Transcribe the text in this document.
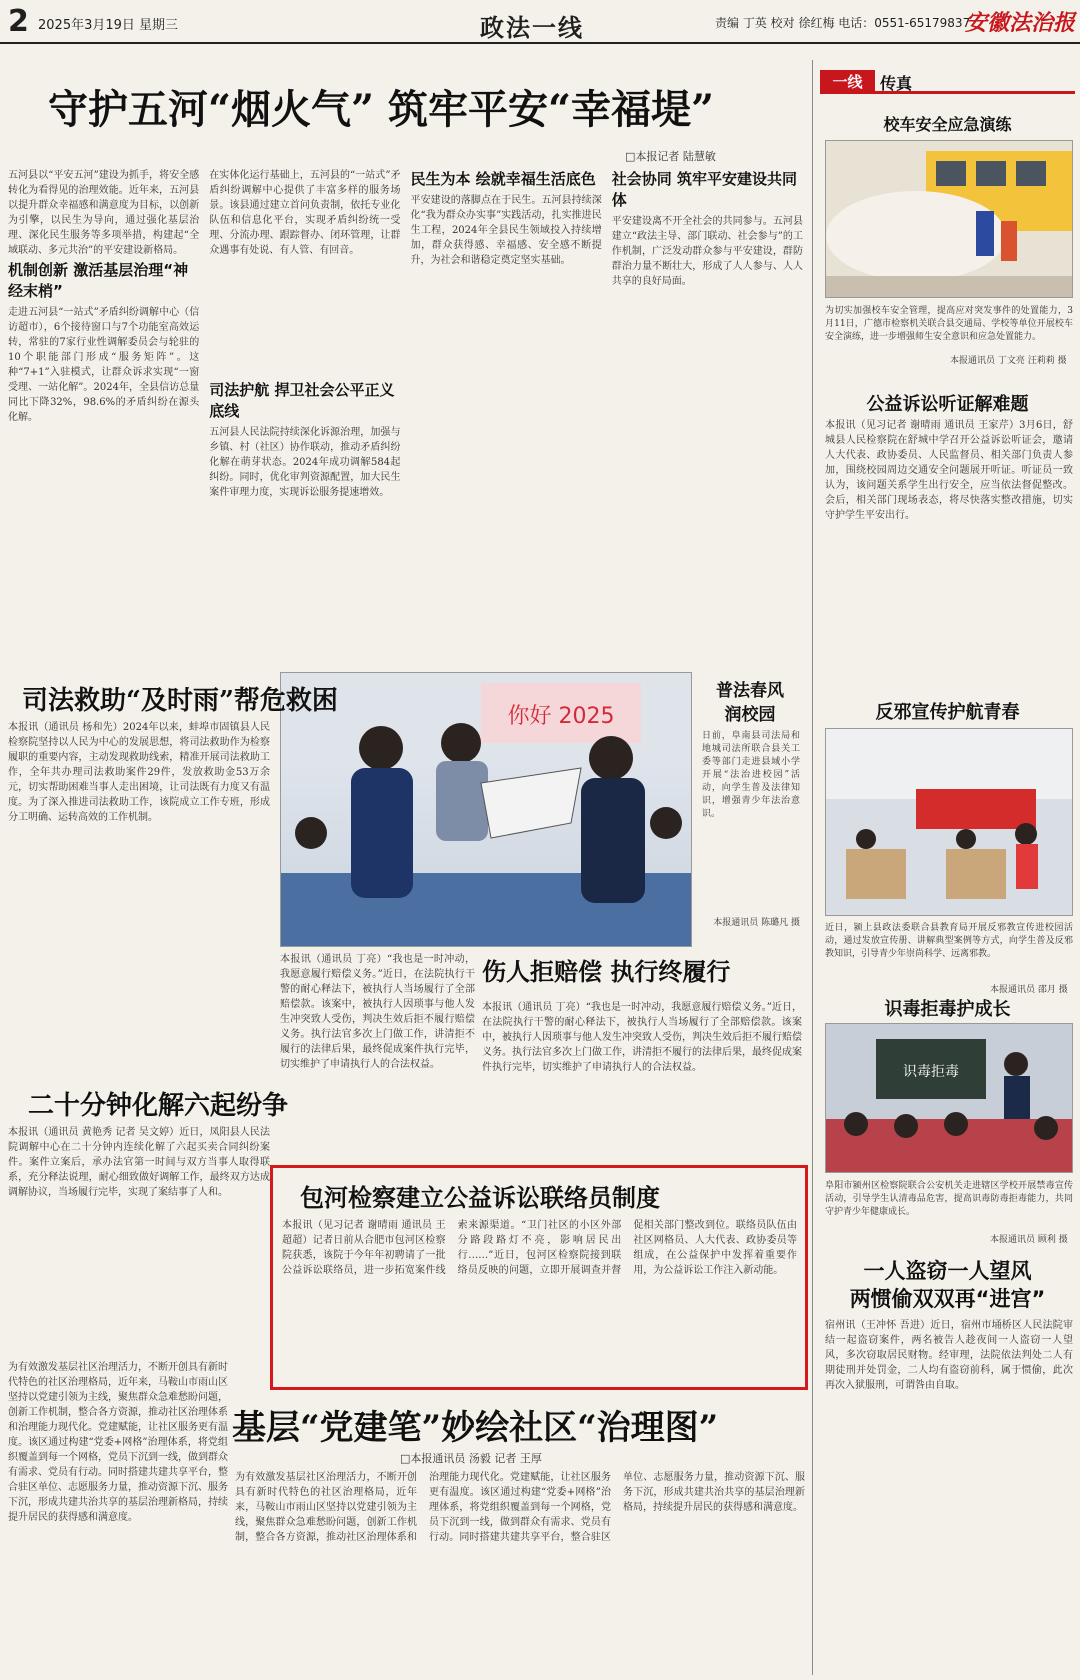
2 2025年3月19日 星期三	政法一线	责编 丁英 校对 徐红梅 电话：0551-65179837
安徽法治报
守护五河“烟火气” 筑牢平安“幸福堤”
□本报记者 陆慧敏
五河县以“平安五河”建设为抓手，将安全感转化为看得见的治理效能。近年来，五河县以提升群众幸福感和满意度为目标，以创新为引擎，以民生为导向，通过强化基层治理、深化民生服务等多项举措，构建起“全域联动、多元共治”的平安建设新格局。
机制创新 激活基层治理“神经末梢”
走进五河县“一站式”矛盾纠纷调解中心（信访超市），6个接待窗口与7个功能室高效运转，常驻的7家行业性调解委员会与轮驻的10个职能部门形成“服务矩阵”。这种“7+1”入驻模式，让群众诉求实现“一窗受理、一站化解”。2024年，全县信访总量同比下降32%，98.6%的矛盾纠纷在源头化解。
在实体化运行基础上，五河县的“一站式”矛盾纠纷调解中心提供了丰富多样的服务场景。该县通过建立首问负责制，依托专业化队伍和信息化平台，实现矛盾纠纷统一受理、分流办理、跟踪督办、闭环管理，让群众遇事有处说、有人管、有回音。
司法护航 捍卫社会公平正义底线
五河县人民法院持续深化诉源治理，加强与乡镇、村（社区）协作联动，推动矛盾纠纷化解在萌芽状态。2024年成功调解584起纠纷。同时，优化审判资源配置，加大民生案件审理力度，实现诉讼服务提速增效。
民生为本 绘就幸福生活底色
平安建设的落脚点在于民生。五河县持续深化“我为群众办实事”实践活动，扎实推进民生工程，2024年全县民生领域投入持续增加，群众获得感、幸福感、安全感不断提升，为社会和谐稳定奠定坚实基础。
社会协同 筑牢平安建设共同体
平安建设离不开全社会的共同参与。五河县建立“政法主导、部门联动、社会参与”的工作机制，广泛发动群众参与平安建设，群防群治力量不断壮大，形成了人人参与、人人共享的良好局面。
你好 2025
普法春风
润校园
日前，阜南县司法局和地城司法所联合县关工委等部门走进县域小学开展“法治进校园”活动，向学生普及法律知识，增强青少年法治意识。
本报通讯员 陈璐凡 摄
司法救助“及时雨”帮危救困
本报讯（通讯员 杨和先）2024年以来，蚌埠市固镇县人民检察院坚持以人民为中心的发展思想，将司法救助作为检察履职的重要内容，主动发现救助线索，精准开展司法救助工作，全年共办理司法救助案件29件，发放救助金53万余元，切实帮助困难当事人走出困境，让司法既有力度又有温度。为了深入推进司法救助工作，该院成立工作专班，形成分工明确、运转高效的工作机制。
二十分钟化解六起纷争
本报讯（通讯员 黄艳秀 记者 吴文婷）近日，凤阳县人民法院调解中心在二十分钟内连续化解了六起买卖合同纠纷案件。案件立案后，承办法官第一时间与双方当事人取得联系，充分释法说理，耐心细致做好调解工作，最终双方达成调解协议，当场履行完毕，实现了案结事了人和。
伤人拒赔偿 执行终履行
本报讯（通讯员 丁亮）“我也是一时冲动，我愿意履行赔偿义务。”近日，在法院执行干警的耐心释法下，被执行人当场履行了全部赔偿款。该案中，被执行人因琐事与他人发生冲突致人受伤，判决生效后拒不履行赔偿义务。执行法官多次上门做工作，讲清拒不履行的法律后果，最终促成案件执行完毕，切实维护了申请执行人的合法权益。
本报讯（通讯员 丁亮）“我也是一时冲动，我愿意履行赔偿义务。”近日，在法院执行干警的耐心释法下，被执行人当场履行了全部赔偿款。该案中，被执行人因琐事与他人发生冲突致人受伤，判决生效后拒不履行赔偿义务。执行法官多次上门做工作，讲清拒不履行的法律后果，最终促成案件执行完毕，切实维护了申请执行人的合法权益。
包河检察建立公益诉讼联络员制度
本报讯（见习记者 谢晴雨 通讯员 王超超）记者日前从合肥市包河区检察院获悉，该院于今年年初聘请了一批公益诉讼联络员，进一步拓宽案件线索来源渠道。“卫门社区的小区外部分路段路灯不亮，影响居民出行……”近日，包河区检察院接到联络员反映的问题，立即开展调查并督促相关部门整改到位。联络员队伍由社区网格员、人大代表、政协委员等组成，在公益保护中发挥着重要作用，为公益诉讼工作注入新动能。
基层“党建笔”妙绘社区“治理图”
□本报通讯员 汤毅 记者 王厚
为有效激发基层社区治理活力，不断开创具有新时代特色的社区治理格局，近年来，马鞍山市雨山区坚持以党建引领为主线，聚焦群众急难愁盼问题，创新工作机制，整合各方资源，推动社区治理体系和治理能力现代化。党建赋能，让社区服务更有温度。该区通过构建“党委+网格”治理体系，将党组织覆盖到每一个网格，党员下沉到一线，做到群众有需求、党员有行动。同时搭建共建共享平台，整合驻区单位、志愿服务力量，推动资源下沉、服务下沉，形成共建共治共享的基层治理新格局，持续提升居民的获得感和满意度。
为有效激发基层社区治理活力，不断开创具有新时代特色的社区治理格局，近年来，马鞍山市雨山区坚持以党建引领为主线，聚焦群众急难愁盼问题，创新工作机制，整合各方资源，推动社区治理体系和治理能力现代化。党建赋能，让社区服务更有温度。该区通过构建“党委+网格”治理体系，将党组织覆盖到每一个网格，党员下沉到一线，做到群众有需求、党员有行动。同时搭建共建共享平台，整合驻区单位、志愿服务力量，推动资源下沉、服务下沉，形成共建共治共享的基层治理新格局，持续提升居民的获得感和满意度。
一线	传真
校车安全应急演练
为切实加强校车安全管理，提高应对突发事件的处置能力，3月11日，广德市检察机关联合县交通局、学校等单位开展校车安全演练，进一步增强师生安全意识和应急处置能力。
本报通讯员 丁文亮 汪莉莉 摄
公益诉讼听证解难题
本报讯（见习记者 谢晴雨 通讯员 王家芹）3月6日，舒城县人民检察院在舒城中学召开公益诉讼听证会，邀请人大代表、政协委员、人民监督员、相关部门负责人参加，围绕校园周边交通安全问题展开听证。听证员一致认为，该问题关系学生出行安全，应当依法督促整改。会后，相关部门现场表态，将尽快落实整改措施，切实守护学生平安出行。
反邪宣传护航青春
近日，颍上县政法委联合县教育局开展反邪教宣传进校园活动，通过发放宣传册、讲解典型案例等方式，向学生普及反邪教知识，引导青少年崇尚科学、远离邪教。
本报通讯员 邵月 摄
识毒拒毒护成长
识毒拒毒
阜阳市颍州区检察院联合公安机关走进辖区学校开展禁毒宣传活动，引导学生认清毒品危害，提高识毒防毒拒毒能力，共同守护青少年健康成长。
本报通讯员 顾利 摄
一人盗窃一人望风
两惯偷双双再“进宫”
宿州讯（王冲怀 吾进）近日，宿州市埇桥区人民法院审结一起盗窃案件，两名被告人趁夜间一人盗窃一人望风，多次窃取居民财物。经审理，法院依法判处二人有期徒刑并处罚金，二人均有盗窃前科，属于惯偷，此次再次入狱服刑，可谓咎由自取。
